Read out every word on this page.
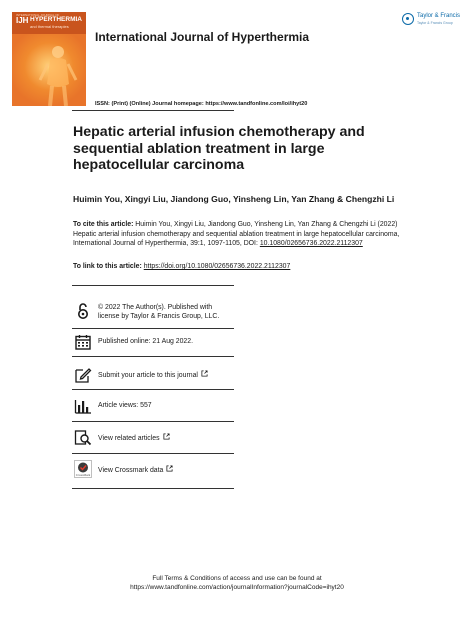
INTERNATIONAL JOURNAL OF
IJH HYPERTHERMIA
and thermal therapies
International Journal of Hyperthermia
Taylor & Francis
Taylor & Francis Group
ISSN: (Print) (Online) Journal homepage: https://www.tandfonline.com/loi/ihyt20
Hepatic arterial infusion chemotherapy and sequential ablation treatment in large hepatocellular carcinoma
Huimin You, Xingyi Liu, Jiandong Guo, Yinsheng Lin, Yan Zhang & Chengzhi Li
To cite this article: Huimin You, Xingyi Liu, Jiandong Guo, Yinsheng Lin, Yan Zhang & Chengzhi Li (2022) Hepatic arterial infusion chemotherapy and sequential ablation treatment in large hepatocellular carcinoma, International Journal of Hyperthermia, 39:1, 1097-1105, DOI: 10.1080/02656736.2022.2112307
To link to this article: https://doi.org/10.1080/02656736.2022.2112307
© 2022 The Author(s). Published with
license by Taylor & Francis Group, LLC.
Published online: 21 Aug 2022.
Submit your article to this journal
Article views: 557
View related articles
CrossMark
View Crossmark data
Full Terms & Conditions of access and use can be found at
https://www.tandfonline.com/action/journalInformation?journalCode=ihyt20
